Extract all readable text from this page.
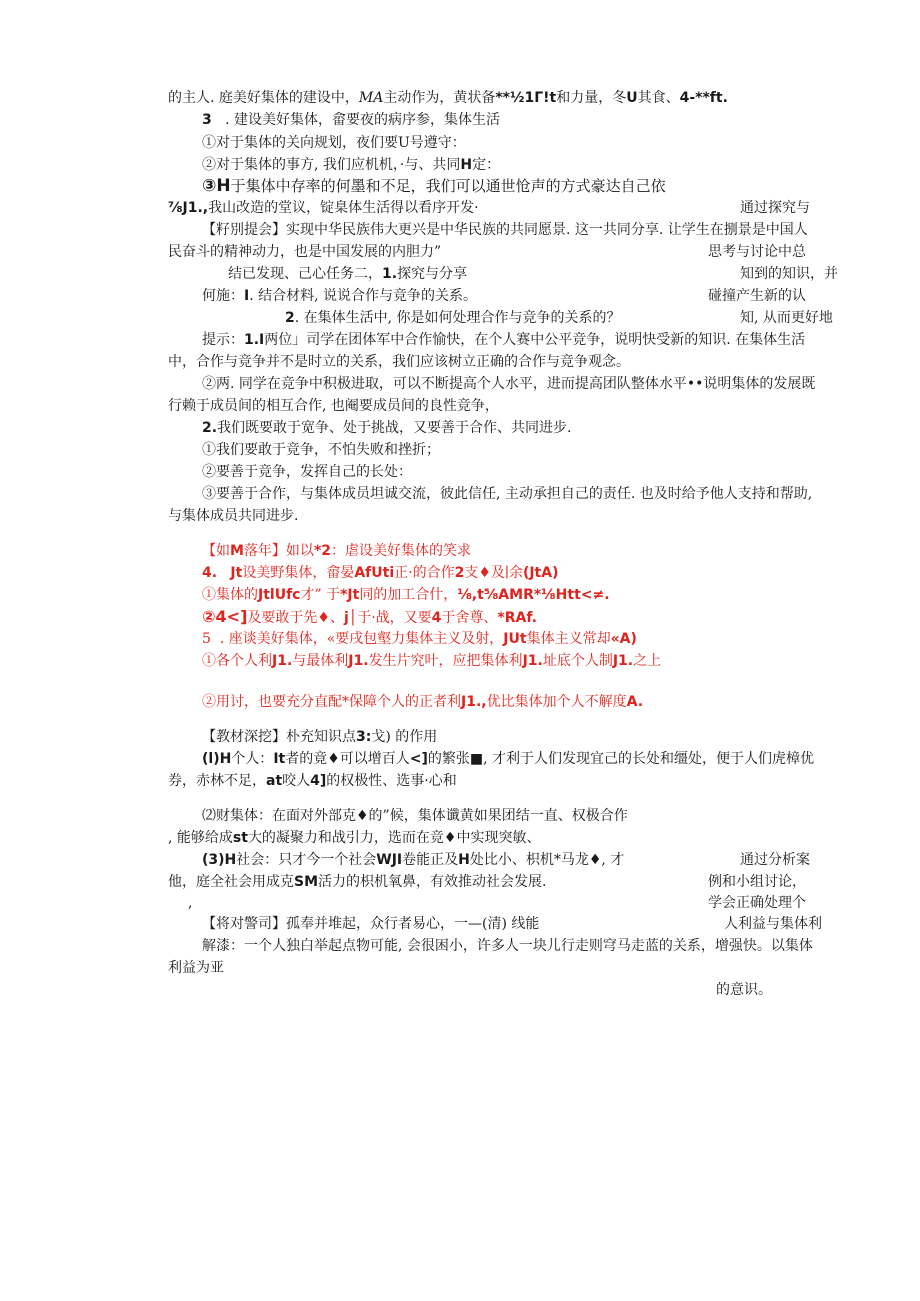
的主人. 庭美好集体的建设中，MA主动作为，黄状备**½1Γ!t和力量，冬U其食、4-**ft.
3 . 建设美好集体，畲要夜的病序参，集体生活
①对于集体的关向规划，夜们要U号遵守：
②对于集体的事方, 我们应机机，·与、共同H定：
③H于集体中存率的何墨和不足，我们可以通世怆声的方式豪达自己依
⅞J1.,我山改造的堂议，锭臬体生活得以看序开发·	通过探究与
【籽別提会】实现中华民族伟大更兴是中华民族的共同愿景. 这一共同分享. 让学生在捌景是中国人
民奋斗的精神动力，也是中国发展的内胆力”	思考与讨论中总
结已发现、己心任务二，1.探究与分享	知到的知识，并
何施：I. 结合材料, 说说合作与竞争的关系。	碰撞产生新的认
2. 在集体生活中, 你是如何处理合作与竞争的关系的？	知, 从而更好地
提示：1.I两位」司学在团体军中合作愉快，在个人赛中公平竞争，说明快受新的知识. 在集体生活
中，合作与竞争并不是时立的关系，我们应该树立正确的合作与竞争观念。
②两. 同学在竞争中积极进取，可以不断提高个人水平，进而提高团队整体水平••说明集体的发展既
行赖于成员间的相互合作, 也阉要成员间的良性竞争，
2.我们既要敢于宽争、处于挑战，又要善于合作、共同进步.
①我们要敢于竞争，不怕失败和挫折；
②要善于竞争，发挥自己的长处：
③要善于合作，与集体成员坦诚交流，彼此信任, 主动承担自己的责任. 也及时给予他人支持和帮助,
与集体成员共同进步.
【如M落年】如以*2：虐设美好集体的笑求
4. Jt设美野集体，畲晏AfUti正·的合作2支♦及∣余(JtA)
①集体的JtlUfc才” 于*Jt同的加工合什，⅛,t⅝AMR*⅛Htt<≠.
②4<]及要敢于先♦、j│于·战，又要4于舍尊、*RAf.
5 . 座谈美好集体，«要戌包壑力集体主义及射，JUt集体主义常却«A)
①各个人利J1.与最体利J1.发生片究叶，应把集体利J1.址底个人制J1.之上
②用讨，也要充分直配*保障个人的正者利J1.,优比集体加个人不解度A.
【教材深挖】朴充知识点3:戈) 的作用
(l)H个人：It者的竟♦可以增百人<]的繁张■, 才利于人们发现宜己的长处和缰处，便于人们虎樟优
券，赤林不足，at咬人4]的权极性、选事·心和
⑵财集体：在面对外部克♦的”候，集体谶黄如果团结一直、权极合作
, 能够给成st大的凝聚力和战引力，选而在竞♦中实现突敏、
(3)H社会：只才今一个社会WJI卷能正及H处比小、枳机*马龙♦, 才	通过分析案
他，庭全社会用成克SM活力的枳机氧鼻，有效推动社会发展.	例和小组讨论，
,	学会正确处理个
【将对警司】孤奉并堆起，众行者易心，一—(清) 线能	人利益与集体利
解漆：一个人独白举起点物可能, 会很困小，许多人一块儿行走则穹马走蓝的关系，增强快。以集体
利益为亚
的意识。
